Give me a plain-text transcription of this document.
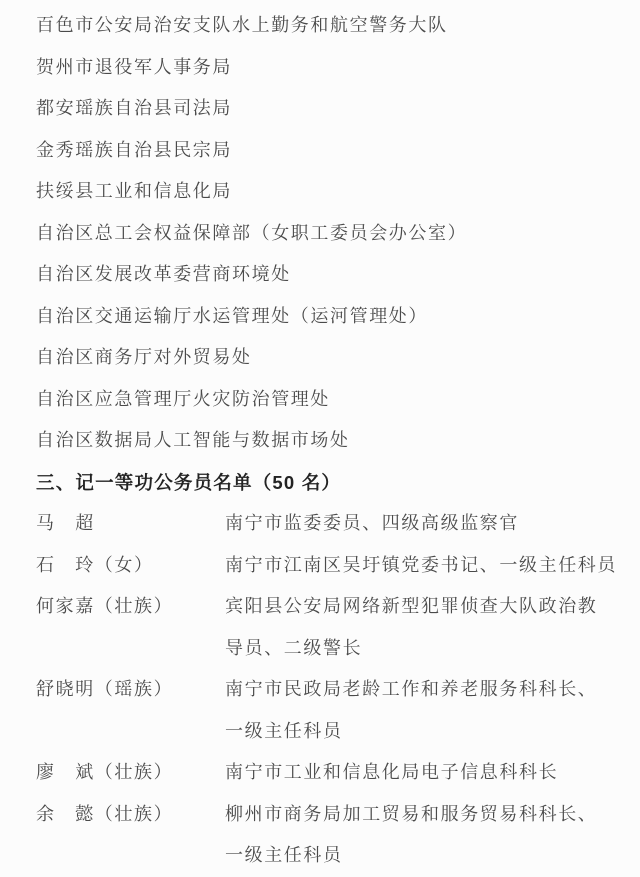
百色市公安局治安支队水上勤务和航空警务大队
贺州市退役军人事务局
都安瑶族自治县司法局
金秀瑶族自治县民宗局
扶绥县工业和信息化局
自治区总工会权益保障部（女职工委员会办公室）
自治区发展改革委营商环境处
自治区交通运输厅水运管理处（运河管理处）
自治区商务厅对外贸易处
自治区应急管理厅火灾防治管理处
自治区数据局人工智能与数据市场处
三、记一等功公务员名单（50 名）
马　超	南宁市监委委员、四级高级监察官
石　玲（女）	南宁市江南区吴圩镇党委书记、一级主任科员
何家嘉（壮族）	宾阳县公安局网络新型犯罪侦查大队政治教
导员、二级警长
舒晓明（瑶族）	南宁市民政局老龄工作和养老服务科科长、
一级主任科员
廖　斌（壮族）	南宁市工业和信息化局电子信息科科长
余　懿（壮族）	柳州市商务局加工贸易和服务贸易科科长、
一级主任科员
